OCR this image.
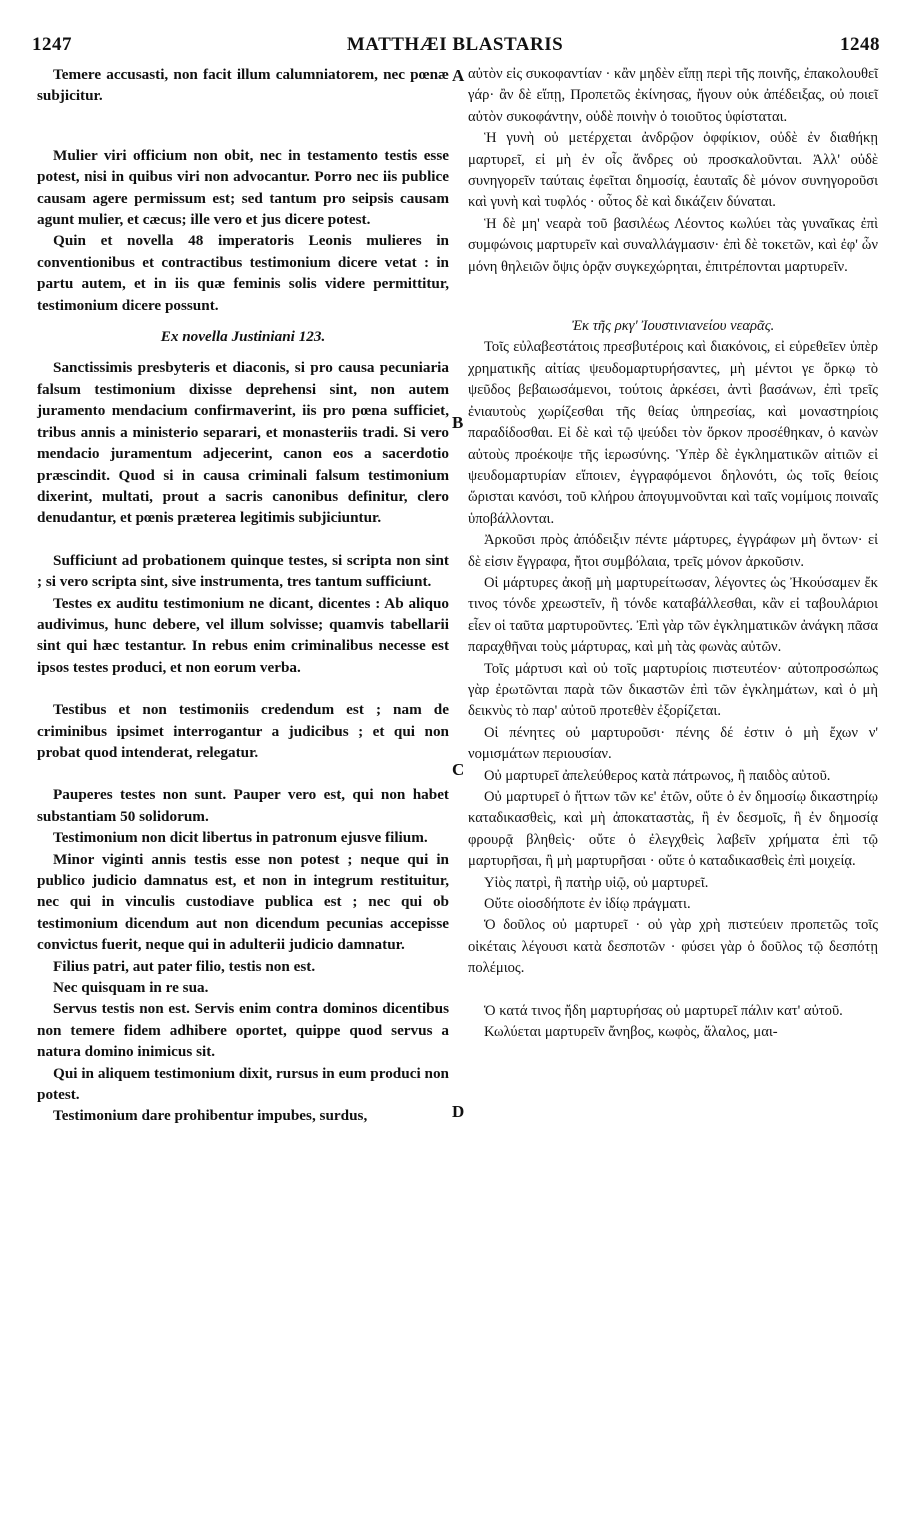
1247	MATTHÆI BLASTARIS	1248
A
B
C
D

Temere accusasti, non facit illum calumniatorem, nec pœnæ subjicitur.

Mulier viri officium non obit, nec in testamento testis esse potest, nisi in quibus viri non advocantur. Porro nec iis publice causam agere permissum est; sed tantum pro seipsis causam agunt mulier, et cæcus; ille vero et jus dicere potest.

Quin et novella 48 imperatoris Leonis mulieres in conventionibus et contractibus testimonium dicere vetat : in partu autem, et in iis quæ feminis solis videre permittitur, testimonium dicere possunt.

Ex novella Justiniani 123.

Sanctissimis presbyteris et diaconis, si pro causa pecuniaria falsum testimonium dixisse deprehensi sint, non autem juramento mendacium confirmaverint, iis pro pœna sufficiet, tribus annis a ministerio separari, et monasteriis tradi. Si vero mendacio juramentum adjecerint, canon eos a sacerdotio præscindit. Quod si in causa criminali falsum testimonium dixerint, multati, prout a sacris canonibus definitur, clero denudantur, et pœnis præterea legitimis subjiciuntur.

Sufficiunt ad probationem quinque testes, si scripta non sint ; si vero scripta sint, sive instrumenta, tres tantum sufficiunt.

Testes ex auditu testimonium ne dicant, dicentes : Ab aliquo audivimus, hunc debere, vel illum solvisse; quamvis tabellarii sint qui hæc testantur. In rebus enim criminalibus necesse est ipsos testes produci, et non eorum verba.

Testibus et non testimoniis credendum est ; nam de criminibus ipsimet interrogantur a judicibus ; et qui non probat quod intenderat, relegatur.

Pauperes testes non sunt. Pauper vero est, qui non habet substantiam 50 solidorum.

Testimonium non dicit libertus in patronum ejusve filium.

Minor viginti annis testis esse non potest ; neque qui in publico judicio damnatus est, et non in integrum restituitur, nec qui in vinculis custodiave publica est ; nec qui ob testimonium dicendum aut non dicendum pecunias accepisse convictus fuerit, neque qui in adulterii judicio damnatur.

Filius patri, aut pater filio, testis non est.

Nec quisquam in re sua.

Servus testis non est. Servis enim contra dominos dicentibus non temere fidem adhibere oportet, quippe quod servus a natura domino inimicus sit.

Qui in aliquem testimonium dixit, rursus in eum produci non potest.

Testimonium dare prohibentur impubes, surdus,

αὐτὸν εἰς συκοφαντίαν · κἂν μηδὲν εἴπῃ περὶ τῆς ποινῆς, ἐπακολουθεῖ γάρ· ἂν δὲ εἴπῃ, Προπετῶς ἐκίνησας, ἤγουν οὐκ ἀπέδειξας, οὐ ποιεῖ αὐτὸν συκοφάντην, οὐδὲ ποινὴν ὁ τοιοῦτος ὑφίσταται.

Ἡ γυνὴ οὐ μετέρχεται ἀνδρῷον ὀφφίκιον, οὐδὲ ἐν διαθήκῃ μαρτυρεῖ, εἰ μὴ ἐν οἷς ἄνδρες οὐ προσκαλοῦνται. Ἀλλ' οὐδὲ συνηγορεῖν ταύταις ἐφεῖται δημοσίᾳ, ἑαυταῖς δὲ μόνον συνηγοροῦσι καὶ γυνὴ καὶ τυφλός · οὗτος δὲ καὶ δικάζειν δύναται.

Ἡ δὲ μη' νεαρὰ τοῦ βασιλέως Λέοντος κωλύει τὰς γυναῖκας ἐπὶ συμφώνοις μαρτυρεῖν καὶ συναλλάγμασιν· ἐπὶ δὲ τοκετῶν, καὶ ἐφ' ὧν μόνη θηλειῶν ὄψις ὁρᾷν συγκεχώρηται, ἐπιτρέπονται μαρτυρεῖν.

Ἐκ τῆς ρκγ' Ἰουστινιανείου νεαρᾶς.

Τοῖς εὐλαβεστάτοις πρεσβυτέροις καὶ διακόνοις, εἰ εὑρεθεῖεν ὑπὲρ χρηματικῆς αἰτίας ψευδομαρτυρήσαντες, μὴ μέντοι γε ὅρκῳ τὸ ψεῦδος βεβαιωσάμενοι, τούτοις ἀρκέσει, ἀντὶ βασάνων, ἐπὶ τρεῖς ἐνιαυτοὺς χωρίζεσθαι τῆς θείας ὑπηρεσίας, καὶ μοναστηρίοις παραδίδοσθαι. Εἰ δὲ καὶ τῷ ψεύδει τὸν ὅρκον προσέθηκαν, ὁ κανὼν αὐτοὺς προέκοψε τῆς ἱερωσύνης. Ὑπὲρ δὲ ἐγκληματικῶν αἰτιῶν εἰ ψευδομαρτυρίαν εἴποιεν, ἐγγραφόμενοι δηλονότι, ὡς τοῖς θείοις ὥρισται κανόσι, τοῦ κλήρου ἀπογυμνοῦνται καὶ ταῖς νομίμοις ποιναῖς ὑποβάλλονται.

Ἀρκοῦσι πρὸς ἀπόδειξιν πέντε μάρτυρες, ἐγγράφων μὴ ὄντων· εἰ δὲ εἰσιν ἔγγραφα, ἤτοι συμβόλαια, τρεῖς μόνον ἀρκοῦσιν.

Οἱ μάρτυρες ἀκοῇ μὴ μαρτυρείτωσαν, λέγοντες ὡς Ἠκούσαμεν ἔκ τινος τόνδε χρεωστεῖν, ἢ τόνδε καταβάλλεσθαι, κἂν εἰ ταβουλάριοι εἶεν οἱ ταῦτα μαρτυροῦντες. Ἐπὶ γὰρ τῶν ἐγκληματικῶν ἀνάγκη πᾶσα παραχθῆναι τοὺς μάρτυρας, καὶ μὴ τὰς φωνὰς αὐτῶν.

Τοῖς μάρτυσι καὶ οὐ τοῖς μαρτυρίοις πιστευτέον· αὐτοπροσώπως γὰρ ἐρωτῶνται παρὰ τῶν δικαστῶν ἐπὶ τῶν ἐγκλημάτων, καὶ ὁ μὴ δεικνὺς τὸ παρ' αὐτοῦ προτεθὲν ἐξορίζεται.

Οἱ πένητες οὐ μαρτυροῦσι· πένης δέ ἐστιν ὁ μὴ ἔχων ν' νομισμάτων περιουσίαν.

Οὐ μαρτυρεῖ ἀπελεύθερος κατὰ πάτρωνος, ἢ παιδὸς αὐτοῦ.

Οὐ μαρτυρεῖ ὁ ἥττων τῶν κε' ἐτῶν, οὔτε ὁ ἐν δημοσίῳ δικαστηρίῳ καταδικασθεὶς, καὶ μὴ ἀποκαταστὰς, ἢ ἐν δεσμοῖς, ἢ ἐν δημοσίᾳ φρουρᾷ βληθεὶς· οὔτε ὁ ἐλεγχθεὶς λαβεῖν χρήματα ἐπὶ τῷ μαρτυρῆσαι, ἢ μὴ μαρτυρῆσαι · οὔτε ὁ καταδικασθεὶς ἐπὶ μοιχείᾳ.

Υἱὸς πατρὶ, ἢ πατὴρ υἱῷ, οὐ μαρτυρεῖ.

Οὔτε οἱοσδήποτε ἐν ἰδίῳ πράγματι.

Ὁ δοῦλος οὐ μαρτυρεῖ · οὐ γὰρ χρὴ πιστεύειν προπετῶς τοῖς οἰκέταις λέγουσι κατὰ δεσποτῶν · φύσει γὰρ ὁ δοῦλος τῷ δεσπότῃ πολέμιος.

Ὁ κατά τινος ἤδη μαρτυρήσας οὐ μαρτυρεῖ πάλιν κατ' αὐτοῦ.

Κωλύεται μαρτυρεῖν ἄνηβος, κωφὸς, ἄλαλος, μαι-
